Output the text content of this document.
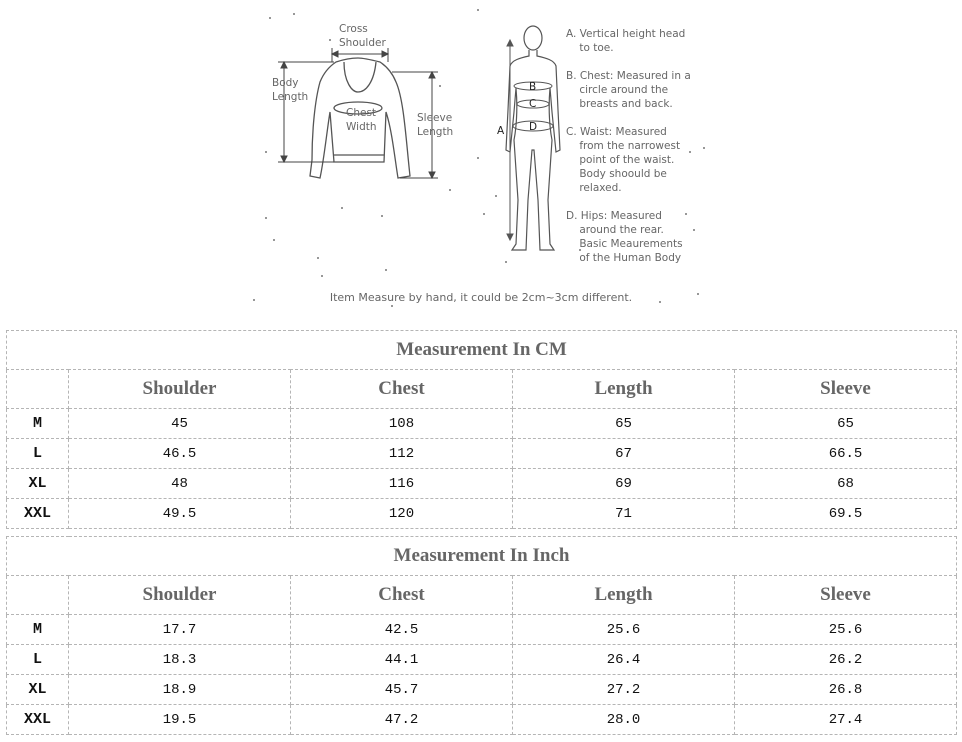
Cross
Shoulder
Body
Length
Chest
Width
Sleeve
Length
B
C
D
A
A. Vertical height head
to toe.
B. Chest: Measured in a
circle around the
breasts and back.
C. Waist: Measured
from the narrowest
point of the waist.
Body shoould be
relaxed.
D. Hips: Measured
around the rear.
Basic Meaurements
of the Human Body
Item Measure by hand, it could be 2cm~3cm different.
Measurement In CM				
	Shoulder	Chest	Length	Sleeve
M	45	108	65	65
L	46.5	112	67	66.5
XL	48	116	69	68
XXL	49.5	120	71	69.5
Measurement In Inch				
	Shoulder	Chest	Length	Sleeve
M	17.7	42.5	25.6	25.6
L	18.3	44.1	26.4	26.2
XL	18.9	45.7	27.2	26.8
XXL	19.5	47.2	28.0	27.4
